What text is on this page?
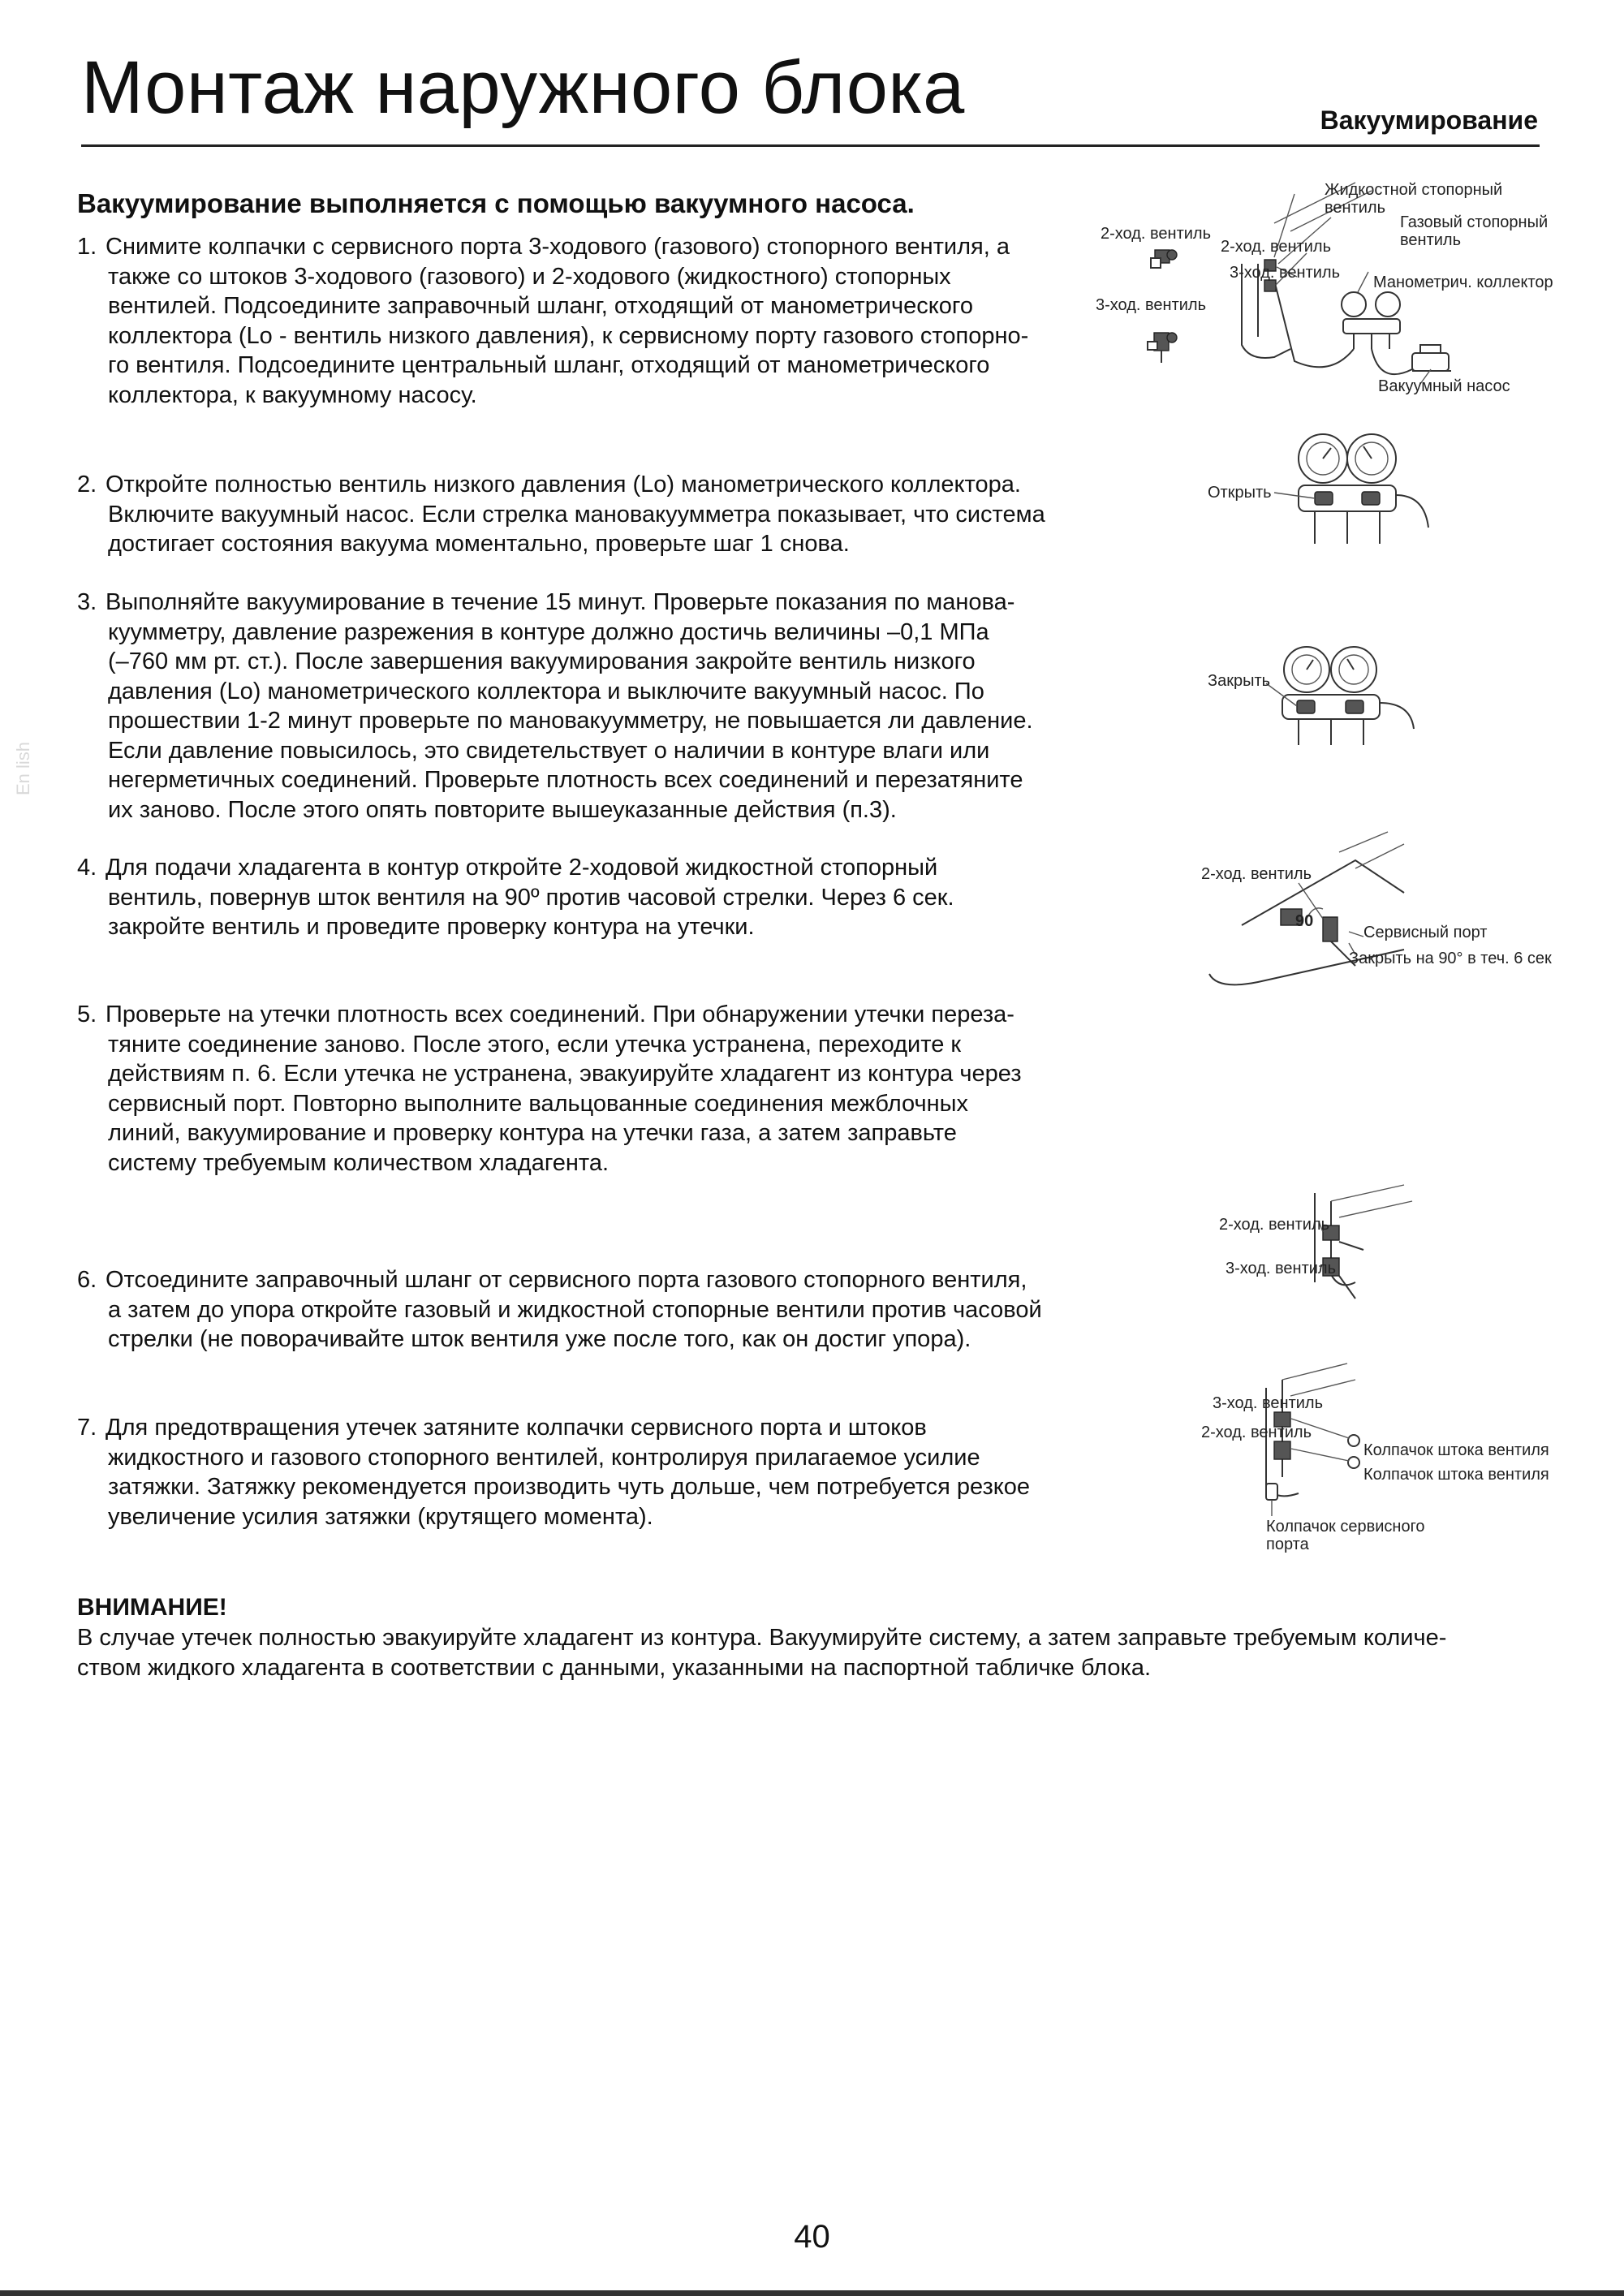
Монтаж наружного блока	Вакуумирование
En lish

Вакуумирование выполняется с помощью вакуумного насоса.

1. Снимите колпачки с сервисного порта 3-ходового (газового) стопорного вентиля, а
также со штоков 3-ходового (газового) и 2-ходового (жидкостного) стопорных
вентилей. Подсоедините заправочный шланг, отходящий от манометрического
коллектора (Lo - вентиль низкого давления), к сервисному порту газового стопорно-
го вентиля. Подсоедините центральный шланг, отходящий от манометрического
коллектора, к вакуумному насосу.
2. Откройте полностью вентиль низкого давления (Lo) манометрического коллектора.
Включите вакуумный насос. Если стрелка мановакуумметра показывает, что система
достигает состояния вакуума моментально, проверьте шаг 1 снова.
3. Выполняйте вакуумирование в течение 15 минут. Проверьте показания по манова-
куумметру, давление разрежения в контуре должно достичь величины –0,1 МПа
(–760 мм рт. ст.). После завершения вакуумирования закройте вентиль низкого
давления (Lo) манометрического коллектора и выключите вакуумный насос. По
прошествии 1-2 минут проверьте по мановакуумметру, не повышается ли давление.
Если давление повысилось, это свидетельствует о наличии в контуре влаги или
негерметичных соединений. Проверьте плотность всех соединений и перезатяните
их заново. После этого опять повторите вышеуказанные действия (п.3).
4. Для подачи хладагента в контур откройте 2-ходовой жидкостной стопорный
вентиль, повернув шток вентиля на 90º против часовой стрелки. Через 6 сек.
закройте вентиль и проведите проверку контура на утечки.
5. Проверьте на утечки плотность всех соединений. При обнаружении утечки переза-
тяните соединение заново. После этого, если утечка устранена, переходите к
действиям п. 6. Если утечка не устранена, эвакуируйте хладагент из контура через
сервисный порт. Повторно выполните вальцованные соединения межблочных
линий, вакуумирование и проверку контура на утечки газа, а затем заправьте
систему требуемым количеством хладагента.
6. Отсоедините заправочный шланг от сервисного порта газового стопорного вентиля,
а затем до упора откройте газовый и жидкостной стопорные вентили против часовой
стрелки (не поворачивайте шток вентиля уже после того, как он достиг упора).
7. Для предотвращения утечек затяните колпачки сервисного порта и штоков
жидкостного и газового стопорного вентилей, контролируя прилагаемое усилие
затяжки. Затяжку рекомендуется производить чуть дольше, чем потребуется резкое
увеличение усилия затяжки (крутящего момента).

ВНИМАНИЕ!

В случае утечек полностью эвакуируйте хладагент из контура. Вакуумируйте систему, а затем заправьте требуемым количе-
ством жидкого хладагента в соответствии с данными, указанными на паспортной табличке блока.
2-ход. вентиль
3-ход. вентиль
Жидкостной стопорный
вентиль
Газовый стопорный
вентиль
2-ход. вентиль
3-ход. вентиль
Манометрич. коллектор
Вакуумный насос
Открыть
Закрыть
2-ход. вентиль
90
Сервисный порт
Закрыть на 90° в теч. 6 сек
2-ход. вентиль
3-ход. вентиль
3-ход. вентиль
2-ход. вентиль
Колпачок штока вентиля
Колпачок штока вентиля
Колпачок сервисного
порта
40
